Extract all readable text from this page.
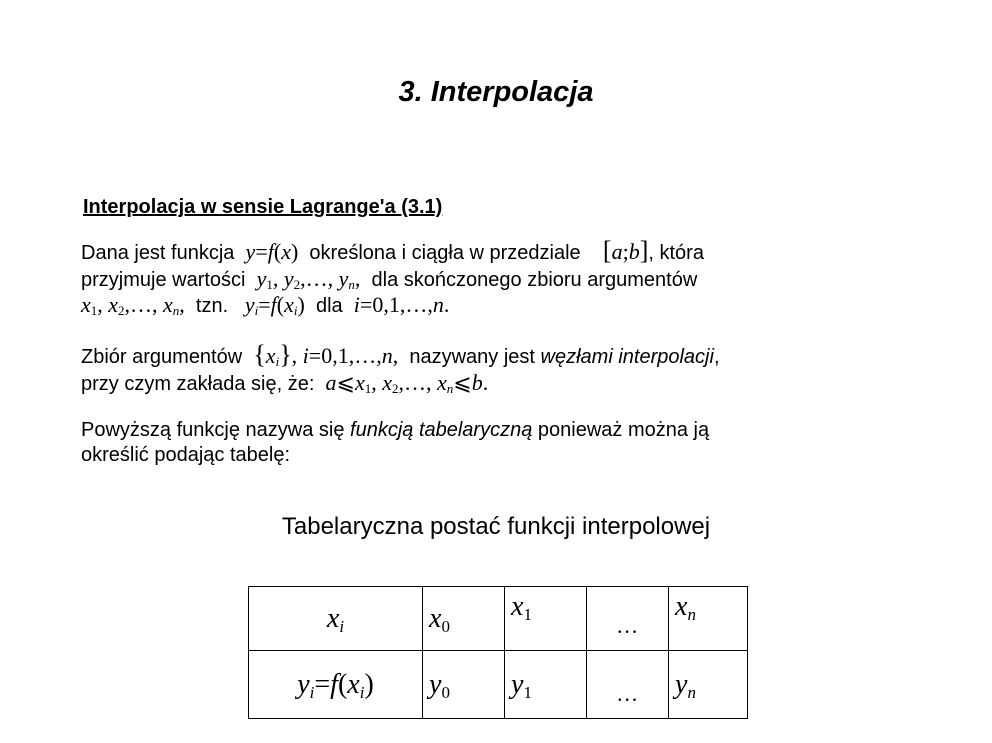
3. Interpolacja
Interpolacja w sensie Lagrange'a (3.1)
Dana jest funkcja y=f(x) określona i ciągła w przedziale [a;b], która
przyjmuje wartości $y_1$, $y_2,\dots$, $y_n$, dla skończonego zbioru argumentów
$x_1$, $x_2,\dots$, $x_n$, tzn. $y_i=f(x_i)$ dla i=0,1,…,n.
Zbiór argumentów $\{x_i\}$, i=0,1,…,n, nazywany jest węzłami interpolacji,
przy czym zakłada się, że: $a⩽x_1$, $x_2,\dots$, $x_n⩽b$.
Powyższą funkcję nazywa się funkcją tabelaryczną ponieważ można ją
określić podając tabelę:

Tabelaryczna postać funkcji interpolowej

$x_i$	$x_0$	$x_1$	…	$x_n$
$y_i=f(x_i)$	$y_0$	$y_1$	…	$y_n$
